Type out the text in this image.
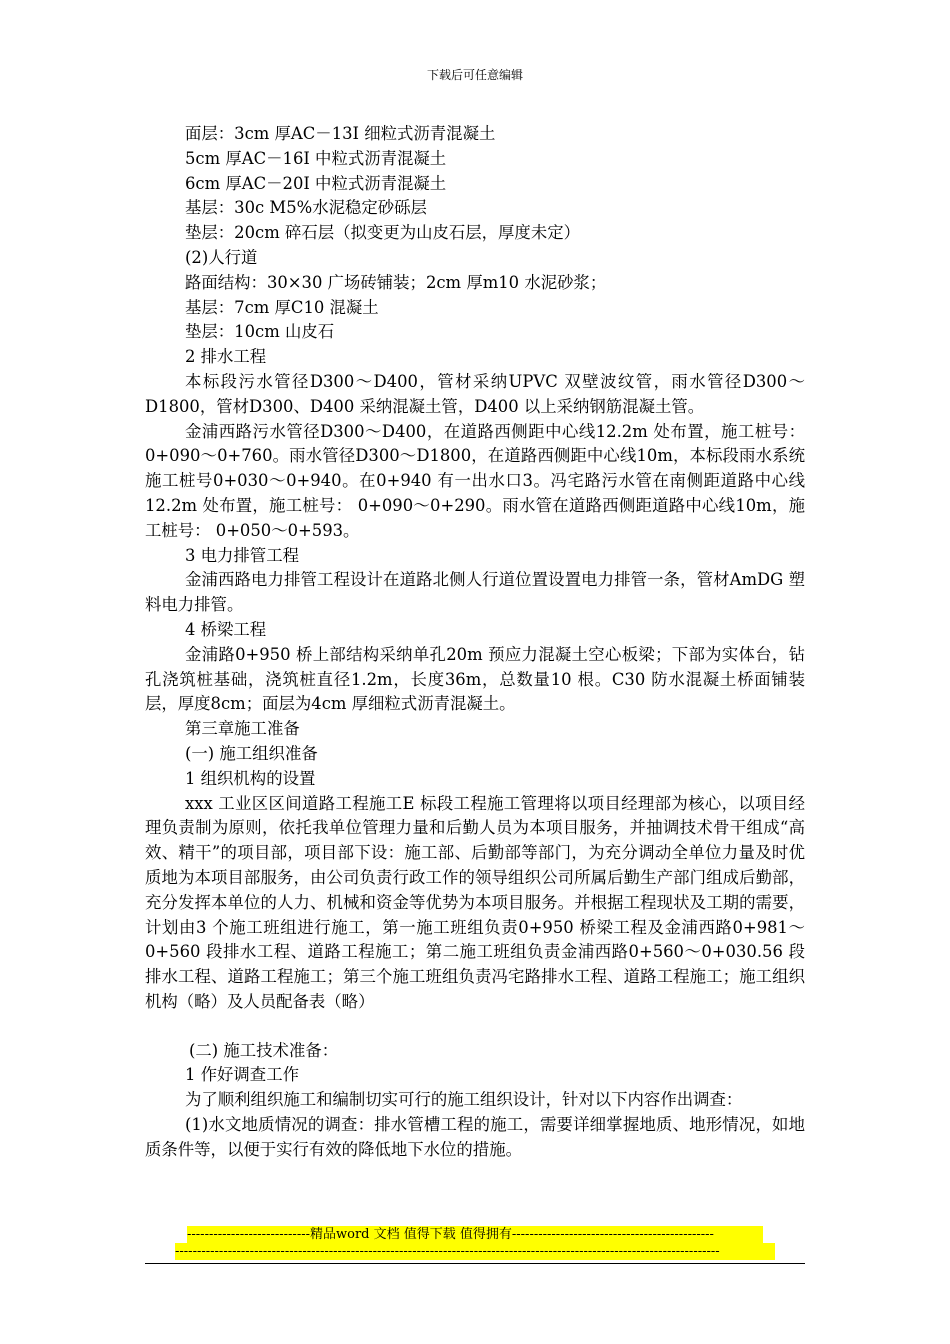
下载后可任意编辑
面层：3cm 厚AC－13Ⅰ 细粒式沥青混凝土
5cm 厚AC－16Ⅰ 中粒式沥青混凝土
6cm 厚AC－20Ⅰ 中粒式沥青混凝土
基层：30c M5%水泥稳定砂砾层
垫层：20cm 碎石层（拟变更为山皮石层，厚度未定）
(2)人行道
路面结构：30×30 广场砖铺装；2cm 厚m10 水泥砂浆；
基层：7cm 厚C10 混凝土
垫层：10cm 山皮石
2 排水工程
本标段污水管径D300～D400，管材采纳UPVC 双壁波纹管，雨水管径D300～D1800，管材D300、D400 采纳混凝土管，D400 以上采纳钢筋混凝土管。
金浦西路污水管径D300～D400，在道路西侧距中心线12.2m 处布置，施工桩号：0+090～0+760。雨水管径D300～D1800，在道路西侧距中心线10m，本标段雨水系统施工桩号0+030～0+940。在0+940 有一出水口3。冯宅路污水管在南侧距道路中心线12.2m 处布置，施工桩号： 0+090～0+290。雨水管在道路西侧距道路中心线10m，施工桩号： 0+050～0+593。
3 电力排管工程
金浦西路电力排管工程设计在道路北侧人行道位置设置电力排管一条，管材AmDG 塑料电力排管。
4 桥梁工程
金浦路0+950 桥上部结构采纳单孔20m 预应力混凝土空心板梁；下部为实体台，钻孔浇筑桩基础，浇筑桩直径1.2m，长度36m，总数量10 根。C30 防水混凝土桥面铺装层，厚度8cm；面层为4cm 厚细粒式沥青混凝土。
第三章施工准备
(一) 施工组织准备
1 组织机构的设置
xxx 工业区区间道路工程施工E 标段工程施工管理将以项目经理部为核心，以项目经理负责制为原则，依托我单位管理力量和后勤人员为本项目服务，并抽调技术骨干组成“高效、精干”的项目部，项目部下设：施工部、后勤部等部门，为充分调动全单位力量及时优质地为本项目部服务，由公司负责行政工作的领导组织公司所属后勤生产部门组成后勤部，充分发挥本单位的人力、机械和资金等优势为本项目服务。并根据工程现状及工期的需要，计划由3 个施工班组进行施工，第一施工班组负责0+950 桥梁工程及金浦西路0+981～0+560 段排水工程、道路工程施工；第二施工班组负责金浦西路0+560～0+030.56 段排水工程、道路工程施工；第三个施工班组负责冯宅路排水工程、道路工程施工；施工组织机构（略）及人员配备表（略）
(二) 施工技术准备：
1 作好调查工作
为了顺利组织施工和编制切实可行的施工组织设计，针对以下内容作出调查：
(1)水文地质情况的调查：排水管槽工程的施工，需要详细掌握地质、地形情况，如地质条件等，以便于实行有效的降低地下水位的措施。
----------------------------精品word 文档 值得下载 值得拥有----------------------------------------------
----------------------------------------------------------------------------------------------------------------------------
